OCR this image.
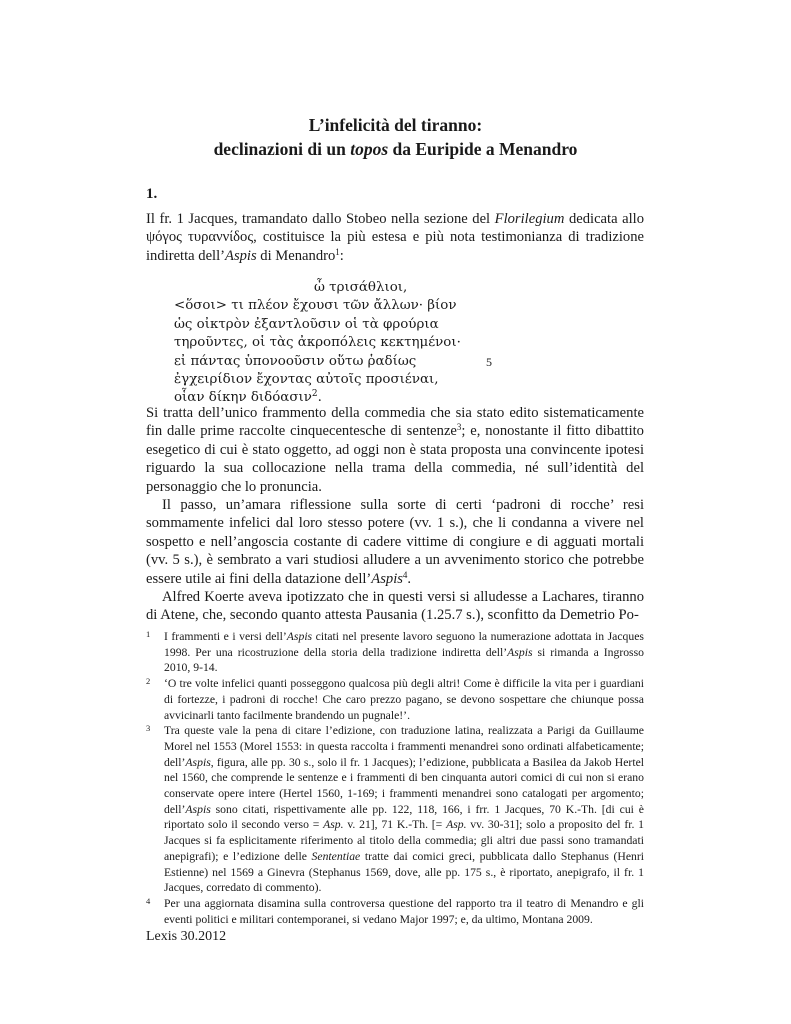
L’infelicità del tiranno:
declinazioni di un topos da Euripide a Menandro
1.

Il fr. 1 Jacques, tramandato dallo Stobeo nella sezione del Florilegium dedicata allo ψόγος τυραννίδος, costituisce la più estesa e più nota testimonianza di tradizione indiretta dell’Aspis di Menandro$^1$:

ὦ τρισάθλιοι,
<ὅσοι> τι πλέον ἔχουσι τῶν ἄλλων· βίον
ὡς οἰκτρὸν ἐξαντλοῦσιν οἱ τὰ φρούρια
τηροῦντες, οἱ τὰς ἀκροπόλεις κεκτημένοι·
εἰ πάντας ὑπονοοῦσιν οὕτω ῥαδίως	5
ἐγχειρίδιον ἔχοντας αὐτοῖς προσιέναι,
οἷαν δίκην διδόασιν$^2$.

Si tratta dell’unico frammento della commedia che sia stato edito sistematicamente fin dalle prime raccolte cinquecentesche di sentenze$^3$; e, nonostante il fitto dibattito esegetico di cui è stato oggetto, ad oggi non è stata proposta una convincente ipotesi riguardo la sua collocazione nella trama della commedia, né sull’identità del personaggio che lo pronuncia.

Il passo, un’amara riflessione sulla sorte di certi ‘padroni di rocche’ resi sommamente infelici dal loro stesso potere (vv. 1 s.), che li condanna a vivere nel sospetto e nell’angoscia costante di cadere vittime di congiure e di agguati mortali (vv. 5 s.), è sembrato a vari studiosi alludere a un avvenimento storico che potrebbe essere utile ai fini della datazione dell’Aspis$^4$.

Alfred Koerte aveva ipotizzato che in questi versi si alludesse a Lachares, tiranno di Atene, che, secondo quanto attesta Pausania (1.25.7 s.), sconfitto da Demetrio Po-

1 I frammenti e i versi dell’Aspis citati nel presente lavoro seguono la numerazione adottata in Jacques 1998. Per una ricostruzione della storia della tradizione indiretta dell’Aspis si rimanda a Ingrosso 2010, 9-14.
2 ‘O tre volte infelici quanti posseggono qualcosa più degli altri! Come è difficile la vita per i guardiani di fortezze, i padroni di rocche! Che caro prezzo pagano, se devono sospettare che chiunque possa avvicinarli tanto facilmente brandendo un pugnale!’.
3 Tra queste vale la pena di citare l’edizione, con traduzione latina, realizzata a Parigi da Guillaume Morel nel 1553 (Morel 1553: in questa raccolta i frammenti menandrei sono ordinati alfabeticamente; dell’Aspis, figura, alle pp. 30 s., solo il fr. 1 Jacques); l’edizione, pubblicata a Basilea da Jakob Hertel nel 1560, che comprende le sentenze e i frammenti di ben cinquanta autori comici di cui non si erano conservate opere intere (Hertel 1560, 1-169; i frammenti menandrei sono catalogati per argomento; dell’Aspis sono citati, rispettivamente alle pp. 122, 118, 166, i frr. 1 Jacques, 70 K.-Th. [di cui è riportato solo il secondo verso = Asp. v. 21], 71 K.-Th. [= Asp. vv. 30-31]; solo a proposito del fr. 1 Jacques si fa esplicitamente riferimento al titolo della commedia; gli altri due passi sono tramandati anepigrafi); e l’edizione delle Sententiae tratte dai comici greci, pubblicata dallo Stephanus (Henri Estienne) nel 1569 a Ginevra (Stephanus 1569, dove, alle pp. 175 s., è riportato, anepigrafo, il fr. 1 Jacques, corredato di commento).
4 Per una aggiornata disamina sulla controversa questione del rapporto tra il teatro di Menandro e gli eventi politici e militari contemporanei, si vedano Major 1997; e, da ultimo, Montana 2009.
Lexis 30.2012
